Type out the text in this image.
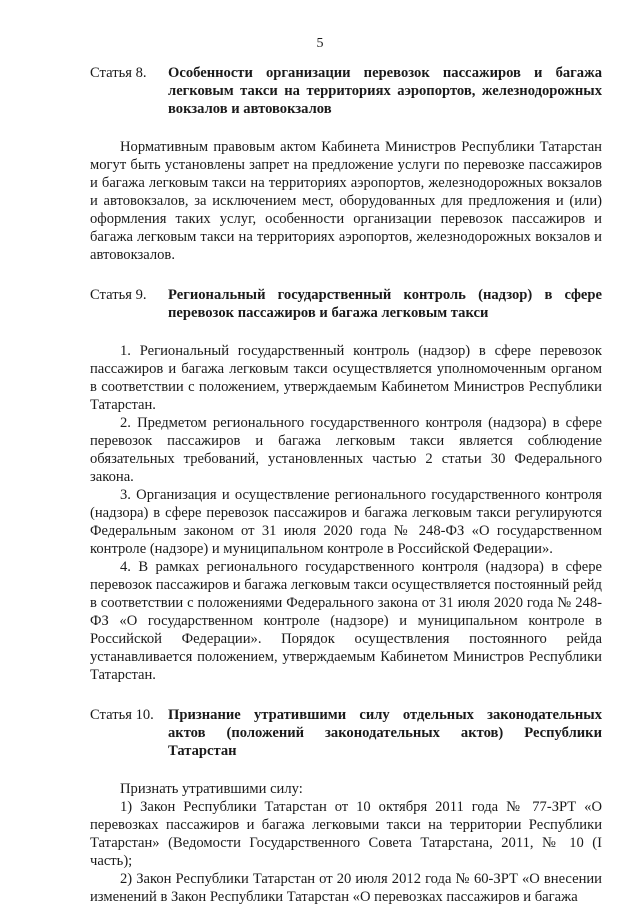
5
Статья 8.	Особенности организации перевозок пассажиров и багажа легковым такси на территориях аэропортов, железнодорожных вокзалов и автовокзалов

Нормативным правовым актом Кабинета Министров Республики Татарстан могут быть установлены запрет на предложение услуги по перевозке пассажиров и багажа легковым такси на территориях аэропортов, железнодорожных вокзалов и автовокзалов, за исключением мест, оборудованных для предложения и (или) оформления таких услуг, особенности организации перевозок пассажиров и багажа легковым такси на территориях аэропортов, железнодорожных вокзалов и автовокзалов.

Статья 9.	Региональный государственный контроль (надзор) в сфере перевозок пассажиров и багажа легковым такси

1. Региональный государственный контроль (надзор) в сфере перевозок пассажиров и багажа легковым такси осуществляется уполномоченным органом в соответствии с положением, утверждаемым Кабинетом Министров Республики Татарстан.

2. Предметом регионального государственного контроля (надзора) в сфере перевозок пассажиров и багажа легковым такси является соблюдение обязательных требований, установленных частью 2 статьи 30 Федерального закона.

3. Организация и осуществление регионального государственного контроля (надзора) в сфере перевозок пассажиров и багажа легковым такси регулируются Федеральным законом от 31 июля 2020 года № 248-ФЗ «О государственном контроле (надзоре) и муниципальном контроле в Российской Федерации».

4. В рамках регионального государственного контроля (надзора) в сфере перевозок пассажиров и багажа легковым такси осуществляется постоянный рейд в соответствии с положениями Федерального закона от 31 июля 2020 года № 248-ФЗ «О государственном контроле (надзоре) и муниципальном контроле в Российской Федерации». Порядок осуществления постоянного рейда устанавливается положением, утверждаемым Кабинетом Министров Республики Татарстан.

Статья 10. Признание утратившими силу отдельных законодательных актов (положений законодательных актов) Республики Татарстан

Признать утратившими силу:

1) Закон Республики Татарстан от 10 октября 2011 года № 77-ЗРТ «О перевозках пассажиров и багажа легковыми такси на территории Республики Татарстан» (Ведомости Государственного Совета Татарстана, 2011, № 10 (I часть);

2) Закон Республики Татарстан от 20 июля 2012 года № 60-ЗРТ «О внесении изменений в Закон Республики Татарстан «О перевозках пассажиров и багажа
